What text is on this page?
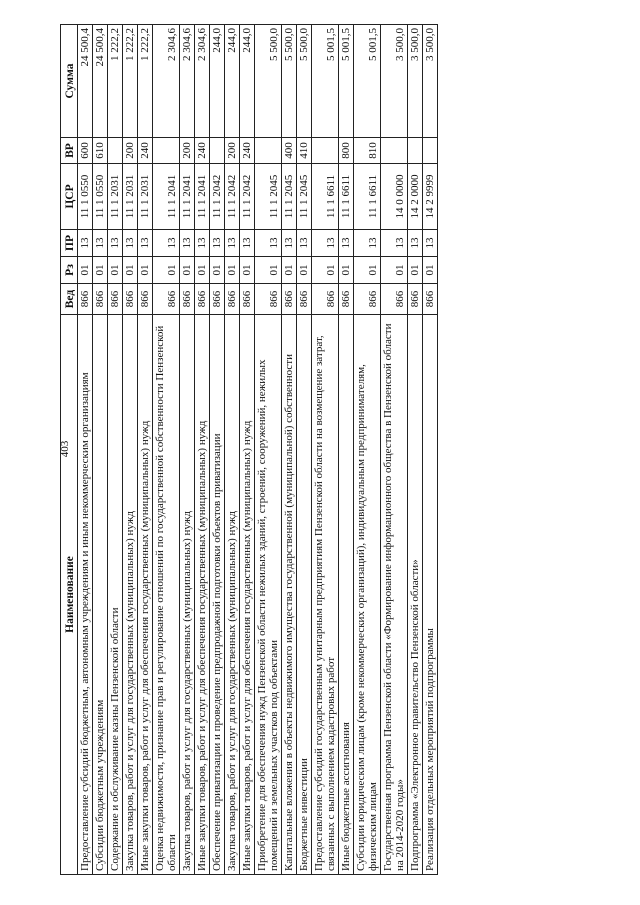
403
Наименование	Вед	Рз	ПР	ЦСР	ВР	Сумма
Предоставление субсидий бюджетным, автономным учреждениям и иным некоммерческим организациям	866	01	13	11 1 0550	600	24 500,4
Субсидии бюджетным учреждениям	866	01	13	11 1 0550	610	24 500,4
Содержание и обслуживание казны Пензенской области	866	01	13	11 1 2031		1 222,2
Закупка товаров, работ и услуг для государственных (муниципальных) нужд	866	01	13	11 1 2031	200	1 222,2
Иные закупки товаров, работ и услуг для обеспечения государственных (муниципальных) нужд	866	01	13	11 1 2031	240	1 222,2
Оценка недвижимости, признание прав и регулирование отношений по государственной собственности Пензенской области	866	01	13	11 1 2041		2 304,6
Закупка товаров, работ и услуг для государственных (муниципальных) нужд	866	01	13	11 1 2041	200	2 304,6
Иные закупки товаров, работ и услуг для обеспечения государственных (муниципальных) нужд	866	01	13	11 1 2041	240	2 304,6
Обеспечение приватизации и проведение предпродажной подготовки объектов приватизации	866	01	13	11 1 2042		244,0
Закупка товаров, работ и услуг для государственных (муниципальных) нужд	866	01	13	11 1 2042	200	244,0
Иные закупки товаров, работ и услуг для обеспечения государственных (муниципальных) нужд	866	01	13	11 1 2042	240	244,0
Приобретение для обеспечения нужд Пензенской области нежилых зданий, строений, сооружений, нежилых помещений и земельных участков под объектами	866	01	13	11 1 2045		5 500,0
Капитальные вложения в объекты недвижимого имущества государственной (муниципальной) собственности	866	01	13	11 1 2045	400	5 500,0
Бюджетные инвестиции	866	01	13	11 1 2045	410	5 500,0
Предоставление субсидий государственным унитарным предприятиям Пензенской области на возмещение затрат, связанных с выполнением кадастровых работ	866	01	13	11 1 6611		5 001,5
Иные бюджетные ассигнования	866	01	13	11 1 6611	800	5 001,5
Субсидии юридическим лицам (кроме некоммерческих организаций), индивидуальным предпринимателям, физическим лицам	866	01	13	11 1 6611	810	5 001,5
Государственная программа Пензенской области «Формирование информационного общества в Пензенской области на 2014-2020 годы»	866	01	13	14 0 0000		3 500,0
Подпрограмма «Электронное правительство Пензенской области»	866	01	13	14 2 0000		3 500,0
Реализация отдельных мероприятий подпрограммы	866	01	13	14 2 9999		3 500,0
